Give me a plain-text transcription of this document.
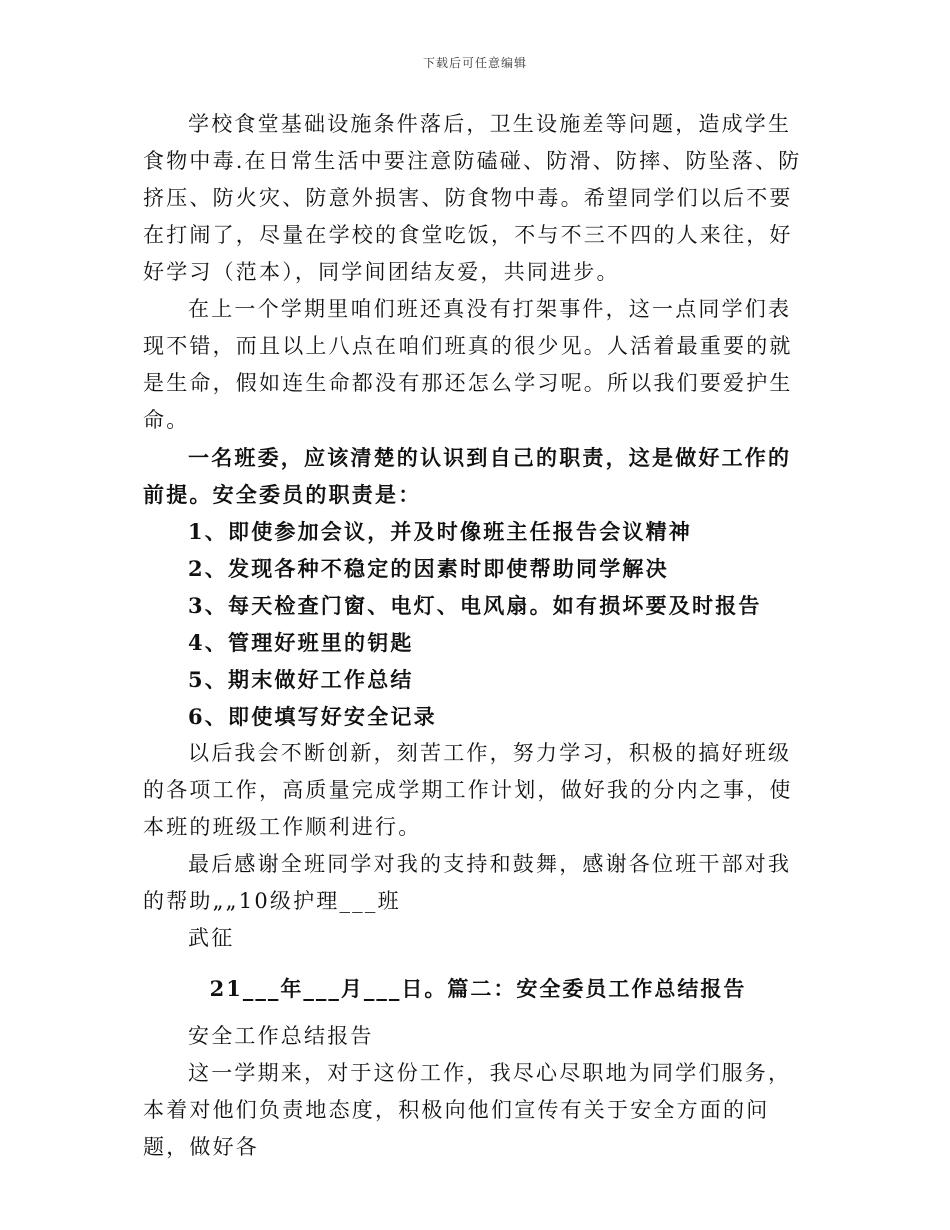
下载后可任意编辑

学校食堂基础设施条件落后，卫生设施差等问题，造成学生食物中毒.在日常生活中要注意防磕碰、防滑、防摔、防坠落、防挤压、防火灾、防意外损害、防食物中毒。希望同学们以后不要在打闹了，尽量在学校的食堂吃饭，不与不三不四的人来往，好好学习（范本），同学间团结友爱，共同进步。

在上一个学期里咱们班还真没有打架事件，这一点同学们表现不错，而且以上八点在咱们班真的很少见。人活着最重要的就是生命，假如连生命都没有那还怎么学习呢。所以我们要爱护生命。

一名班委，应该清楚的认识到自己的职责，这是做好工作的前提。安全委员的职责是：

1、即使参加会议，并及时像班主任报告会议精神

2、发现各种不稳定的因素时即使帮助同学解决

3、每天检查门窗、电灯、电风扇。如有损坏要及时报告

4、管理好班里的钥匙

5、期末做好工作总结

6、即使填写好安全记录

以后我会不断创新，刻苦工作，努力学习，积极的搞好班级的各项工作，高质量完成学期工作计划，做好我的分内之事，使本班的班级工作顺利进行。

最后感谢全班同学对我的支持和鼓舞，感谢各位班干部对我的帮助„„10级护理___班

武征

21___年___月___日。篇二：安全委员工作总结报告

安全工作总结报告

这一学期来，对于这份工作，我尽心尽职地为同学们服务，本着对他们负责地态度，积极向他们宣传有关于安全方面的问题，做好各
